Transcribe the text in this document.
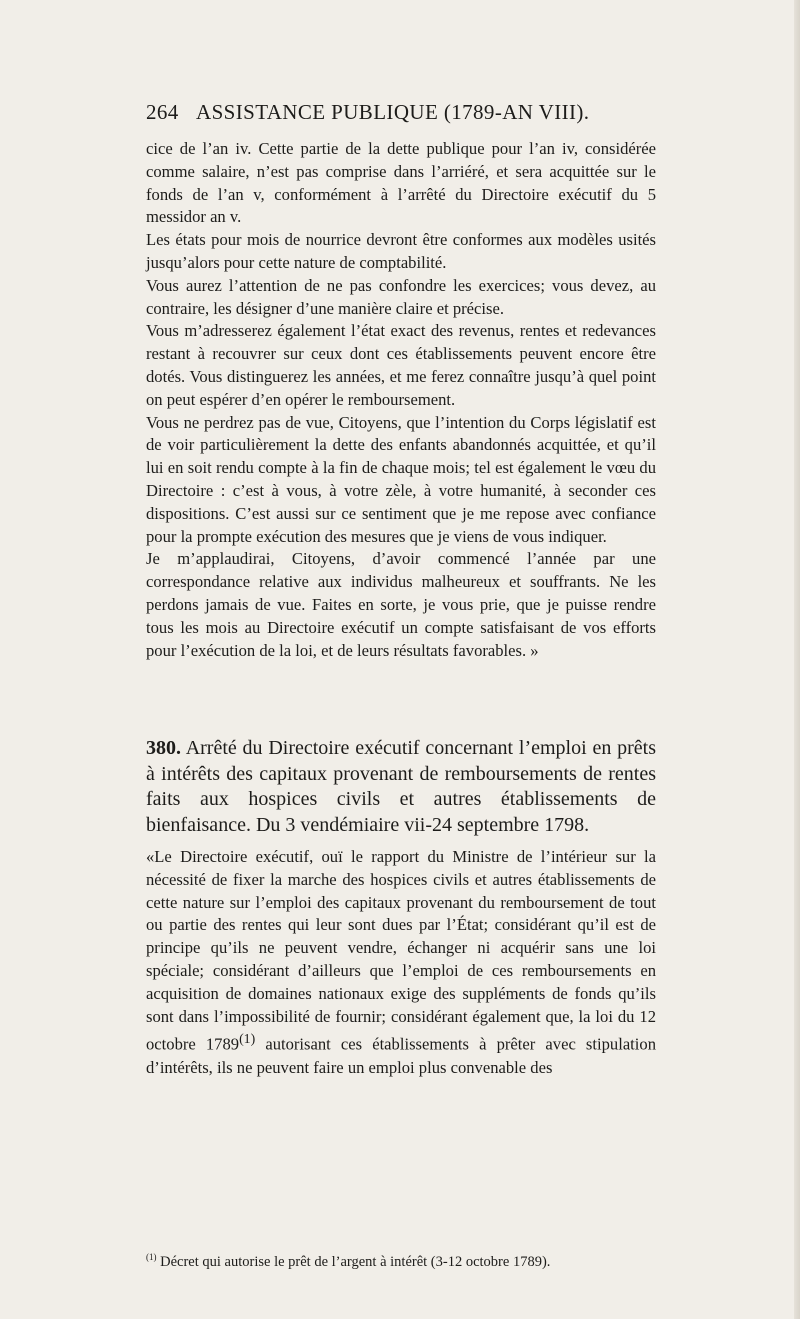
264 ASSISTANCE PUBLIQUE (1789-AN VIII).

cice de l’an iv. Cette partie de la dette publique pour l’an iv, considérée comme salaire, n’est pas comprise dans l’arriéré, et sera acquittée sur le fonds de l’an v, conformément à l’arrêté du Directoire exécutif du 5 messidor an v.

Les états pour mois de nourrice devront être conformes aux modèles usités jusqu’alors pour cette nature de comptabilité.

Vous aurez l’attention de ne pas confondre les exercices; vous devez, au contraire, les désigner d’une manière claire et précise.

Vous m’adresserez également l’état exact des revenus, rentes et redevances restant à recouvrer sur ceux dont ces établissements peuvent encore être dotés. Vous distinguerez les années, et me ferez connaître jusqu’à quel point on peut espérer d’en opérer le remboursement.

Vous ne perdrez pas de vue, Citoyens, que l’intention du Corps législatif est de voir particulièrement la dette des enfants abandonnés acquittée, et qu’il lui en soit rendu compte à la fin de chaque mois; tel est également le vœu du Directoire : c’est à vous, à votre zèle, à votre humanité, à seconder ces dispositions. C’est aussi sur ce sentiment que je me repose avec confiance pour la prompte exécution des mesures que je viens de vous indiquer.

Je m’applaudirai, Citoyens, d’avoir commencé l’année par une correspondance relative aux individus malheureux et souffrants. Ne les perdons jamais de vue. Faites en sorte, je vous prie, que je puisse rendre tous les mois au Directoire exécutif un compte satisfaisant de vos efforts pour l’exécution de la loi, et de leurs résultats favorables. »

380. Arrêté du Directoire exécutif concernant l’emploi en prêts à intérêts des capitaux provenant de remboursements de rentes faits aux hospices civils et autres établissements de bienfaisance. Du 3 vendémiaire vii-24 septembre 1798.

«Le Directoire exécutif, ouï le rapport du Ministre de l’intérieur sur la nécessité de fixer la marche des hospices civils et autres établissements de cette nature sur l’emploi des capitaux provenant du remboursement de tout ou partie des rentes qui leur sont dues par l’État; considérant qu’il est de principe qu’ils ne peuvent vendre, échanger ni acquérir sans une loi spéciale; considérant d’ailleurs que l’emploi de ces remboursements en acquisition de domaines nationaux exige des suppléments de fonds qu’ils sont dans l’impossibilité de fournir; considérant également que, la loi du 12 octobre 1789$^{(1)}$ autorisant ces établissements à prêter avec stipulation d’intérêts, ils ne peuvent faire un emploi plus convenable des

$^{(1)}$ Décret qui autorise le prêt de l’argent à intérêt (3-12 octobre 1789).
